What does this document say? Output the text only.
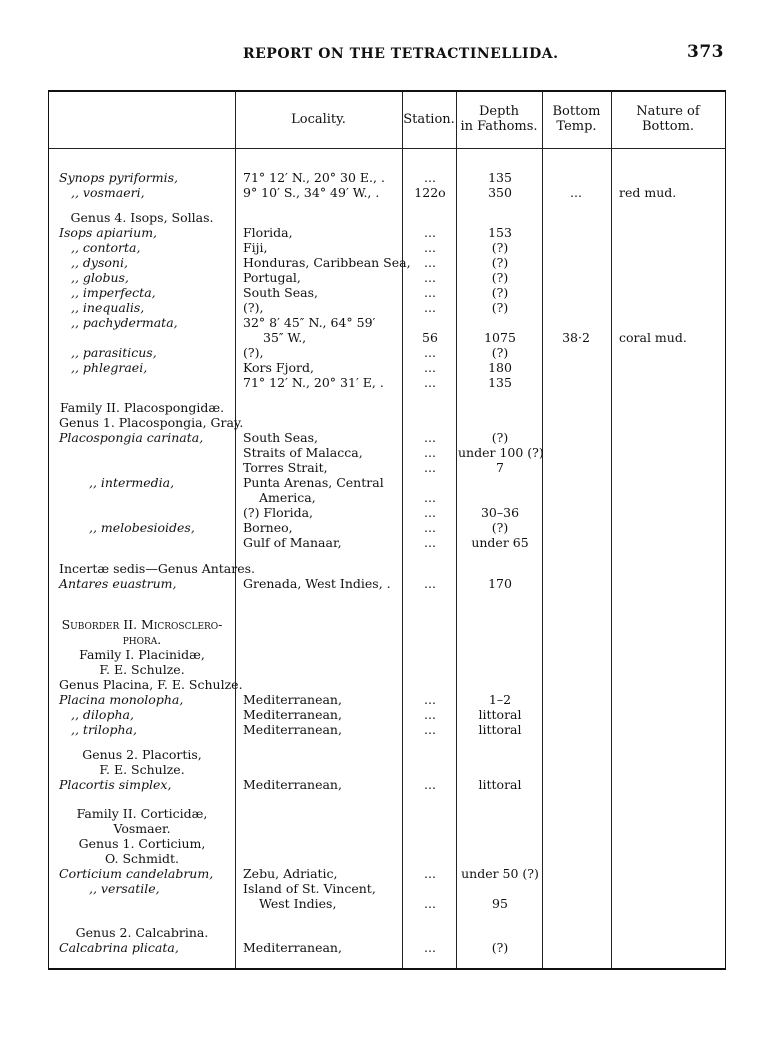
REPORT ON THE TETRACTINELLIDA.	373
Locality.	Station.
Depth
in Fathoms.
Bottom
Temp.
Nature of
Bottom.
Synops pyriformis,	71° 12′ N., 20° 30 E., .	...	135
,, vosmaeri,	9° 10′ S., 34° 49′ W., .	122o	350	...	red mud.
Genus 4. Isops, Sollas.
Isops apiarium,	Florida,	...	153
,, contorta,	Fiji,	...	(?)
,, dysoni,	Honduras, Caribbean Sea,	...	(?)
,, globus,	Portugal,	...	(?)
,, imperfecta,	South Seas,	...	(?)
,, inequalis,	(?),	...	(?)
,, pachydermata,	32° 8′ 45″ N., 64° 59′
35″ W.,	56	1075	38·2	coral mud.
,, parasiticus,	(?),	...	(?)
,, phlegraei,	Kors Fjord,	...	180
71° 12′ N., 20° 31′ E, .	...	135
Family II. Placospongidæ.
Genus 1. Placospongia, Gray.
Placospongia carinata,	South Seas,	...	(?)
Straits of Malacca,	...	under 100 (?)
Torres Strait,	...	7
,, intermedia,	Punta Arenas, Central
America,	...
(?) Florida,	...	30–36
,, melobesioides,	Borneo,	...	(?)
Gulf of Manaar,	...	under 65
Incertæ sedis—Genus Antares.
Antares euastrum,	Grenada, West Indies, .	...	170
Suborder II. Microsclero-
phora.
Family I. Placinidæ,
F. E. Schulze.
Genus Placina, F. E. Schulze.
Placina monolopha,	Mediterranean,	...	1–2
,, dilopha,	Mediterranean,	...	littoral
,, trilopha,	Mediterranean,	...	littoral
Genus 2. Placortis,
F. E. Schulze.
Placortis simplex,	Mediterranean,	...	littoral
Family II. Corticidæ,
Vosmaer.
Genus 1. Corticium,
O. Schmidt.
Corticium candelabrum,	Zebu, Adriatic,	...	under 50 (?)
,, versatile,	Island of St. Vincent,
West Indies,	...	95
Genus 2. Calcabrina.
Calcabrina plicata,	Mediterranean,	...	(?)
